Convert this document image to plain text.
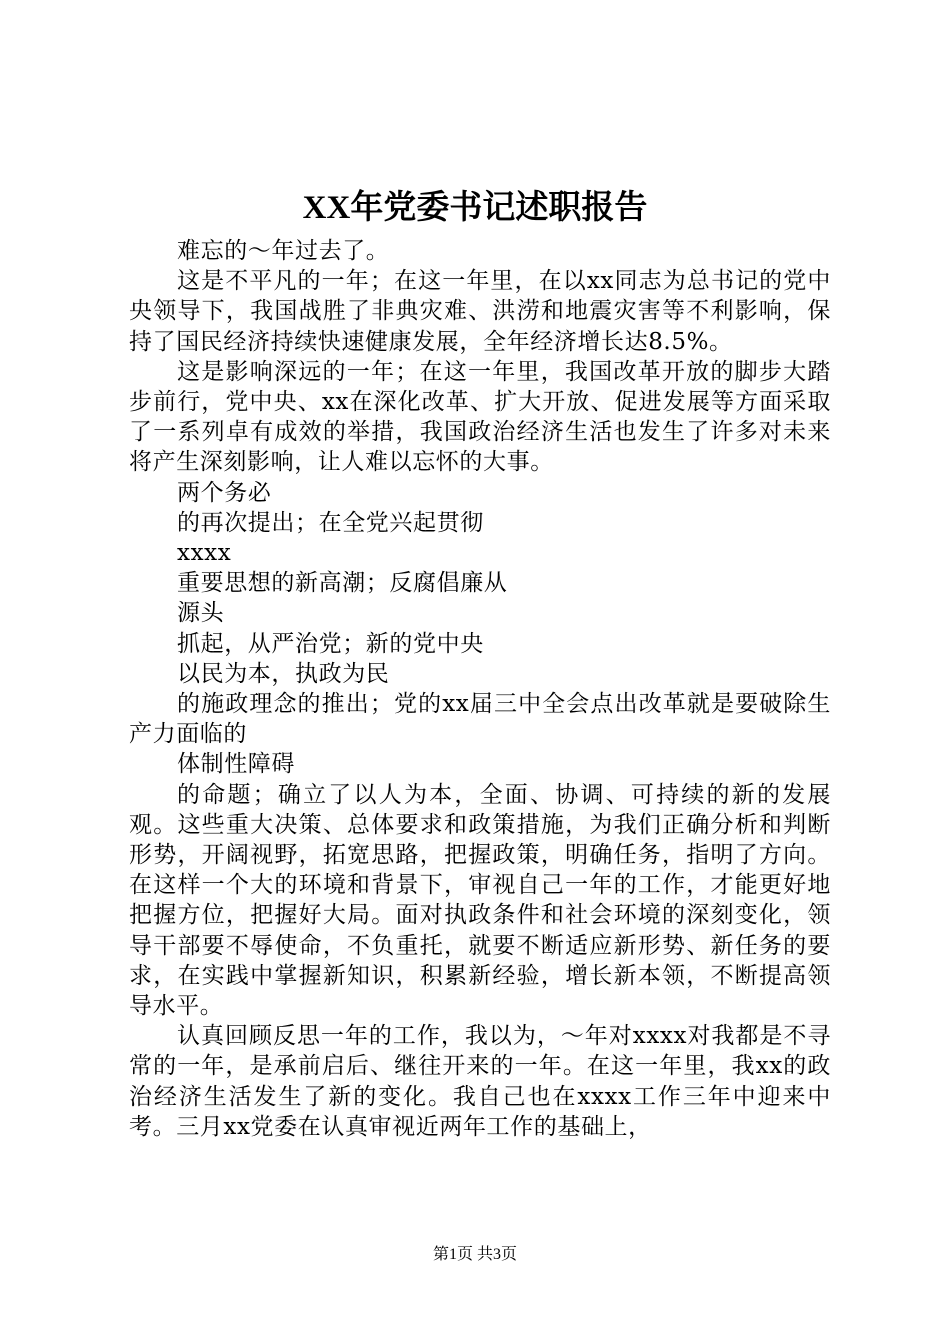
XX年党委书记述职报告

难忘的～年过去了。

这是不平凡的一年；在这一年里，在以xx同志为总书记的党中央领导下，我国战胜了非典灾难、洪涝和地震灾害等不利影响，保持了国民经济持续快速健康发展，全年经济增长达8.5%。

这是影响深远的一年；在这一年里，我国改革开放的脚步大踏步前行，党中央、xx在深化改革、扩大开放、促进发展等方面采取了一系列卓有成效的举措，我国政治经济生活也发生了许多对未来将产生深刻影响，让人难以忘怀的大事。

两个务必

的再次提出；在全党兴起贯彻

xxxx

重要思想的新高潮；反腐倡廉从

源头

抓起，从严治党；新的党中央

以民为本，执政为民

的施政理念的推出；党的xx届三中全会点出改革就是要破除生产力面临的

体制性障碍

的命题；确立了以人为本，全面、协调、可持续的新的发展观。这些重大决策、总体要求和政策措施，为我们正确分析和判断形势，开阔视野，拓宽思路，把握政策，明确任务，指明了方向。在这样一个大的环境和背景下，审视自己一年的工作，才能更好地把握方位，把握好大局。面对执政条件和社会环境的深刻变化，领导干部要不辱使命，不负重托，就要不断适应新形势、新任务的要求，在实践中掌握新知识，积累新经验，增长新本领，不断提高领导水平。

认真回顾反思一年的工作，我以为，～年对xxxx对我都是不寻常的一年，是承前启后、继往开来的一年。在这一年里，我xx的政治经济生活发生了新的变化。我自己也在xxxx工作三年中迎来中考。三月xx党委在认真审视近两年工作的基础上，

第1页 共3页
